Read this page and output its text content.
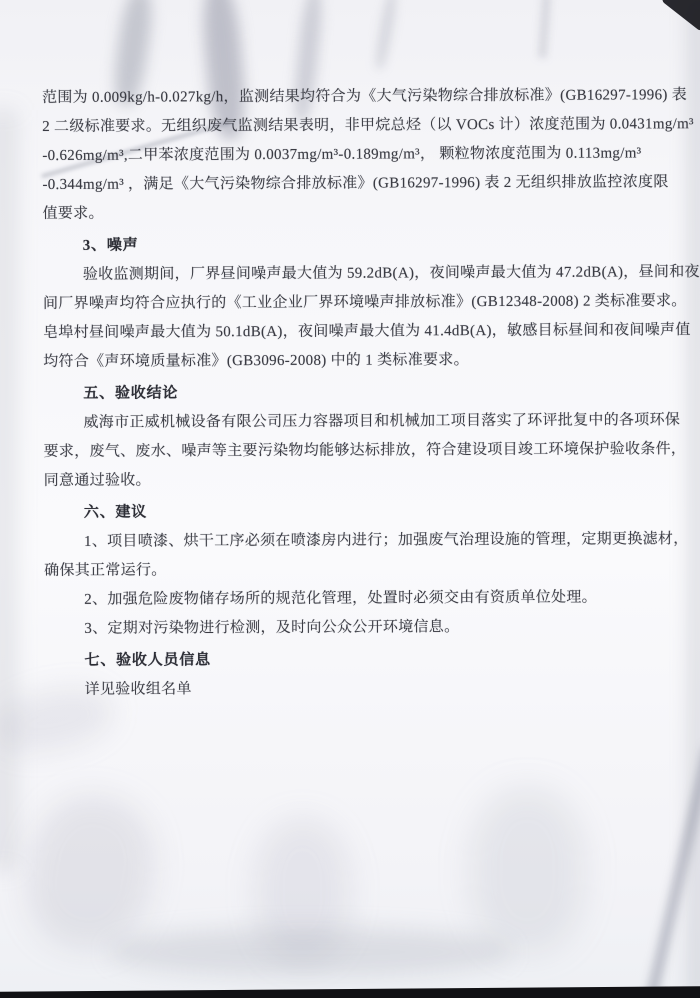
范围为 0.009kg/h-0.027kg/h，监测结果均符合为《大气污染物综合排放标准》(GB16297-1996) 表
2 二级标准要求。无组织废气监测结果表明，非甲烷总烃（以 VOCs 计）浓度范围为 0.0431mg/m³
-0.626mg/m³,二甲苯浓度范围为 0.0037mg/m³-0.189mg/m³， 颗粒物浓度范围为 0.113mg/m³
-0.344mg/m³ ，满足《大气污染物综合排放标准》(GB16297-1996) 表 2 无组织排放监控浓度限
值要求。
3、噪声
验收监测期间，厂界昼间噪声最大值为 59.2dB(A)，夜间噪声最大值为 47.2dB(A)，昼间和夜
间厂界噪声均符合应执行的《工业企业厂界环境噪声排放标准》(GB12348-2008) 2 类标准要求。
皂埠村昼间噪声最大值为 50.1dB(A)，夜间噪声最大值为 41.4dB(A)，敏感目标昼间和夜间噪声值
均符合《声环境质量标准》(GB3096-2008) 中的 1 类标准要求。
五、验收结论
威海市正威机械设备有限公司压力容器项目和机械加工项目落实了环评批复中的各项环保
要求，废气、废水、噪声等主要污染物均能够达标排放，符合建设项目竣工环境保护验收条件，
同意通过验收。
六、建议
1、项目喷漆、烘干工序必须在喷漆房内进行；加强废气治理设施的管理，定期更换滤材，
确保其正常运行。
2、加强危险废物储存场所的规范化管理，处置时必须交由有资质单位处理。
3、定期对污染物进行检测，及时向公众公开环境信息。
七、验收人员信息
详见验收组名单
